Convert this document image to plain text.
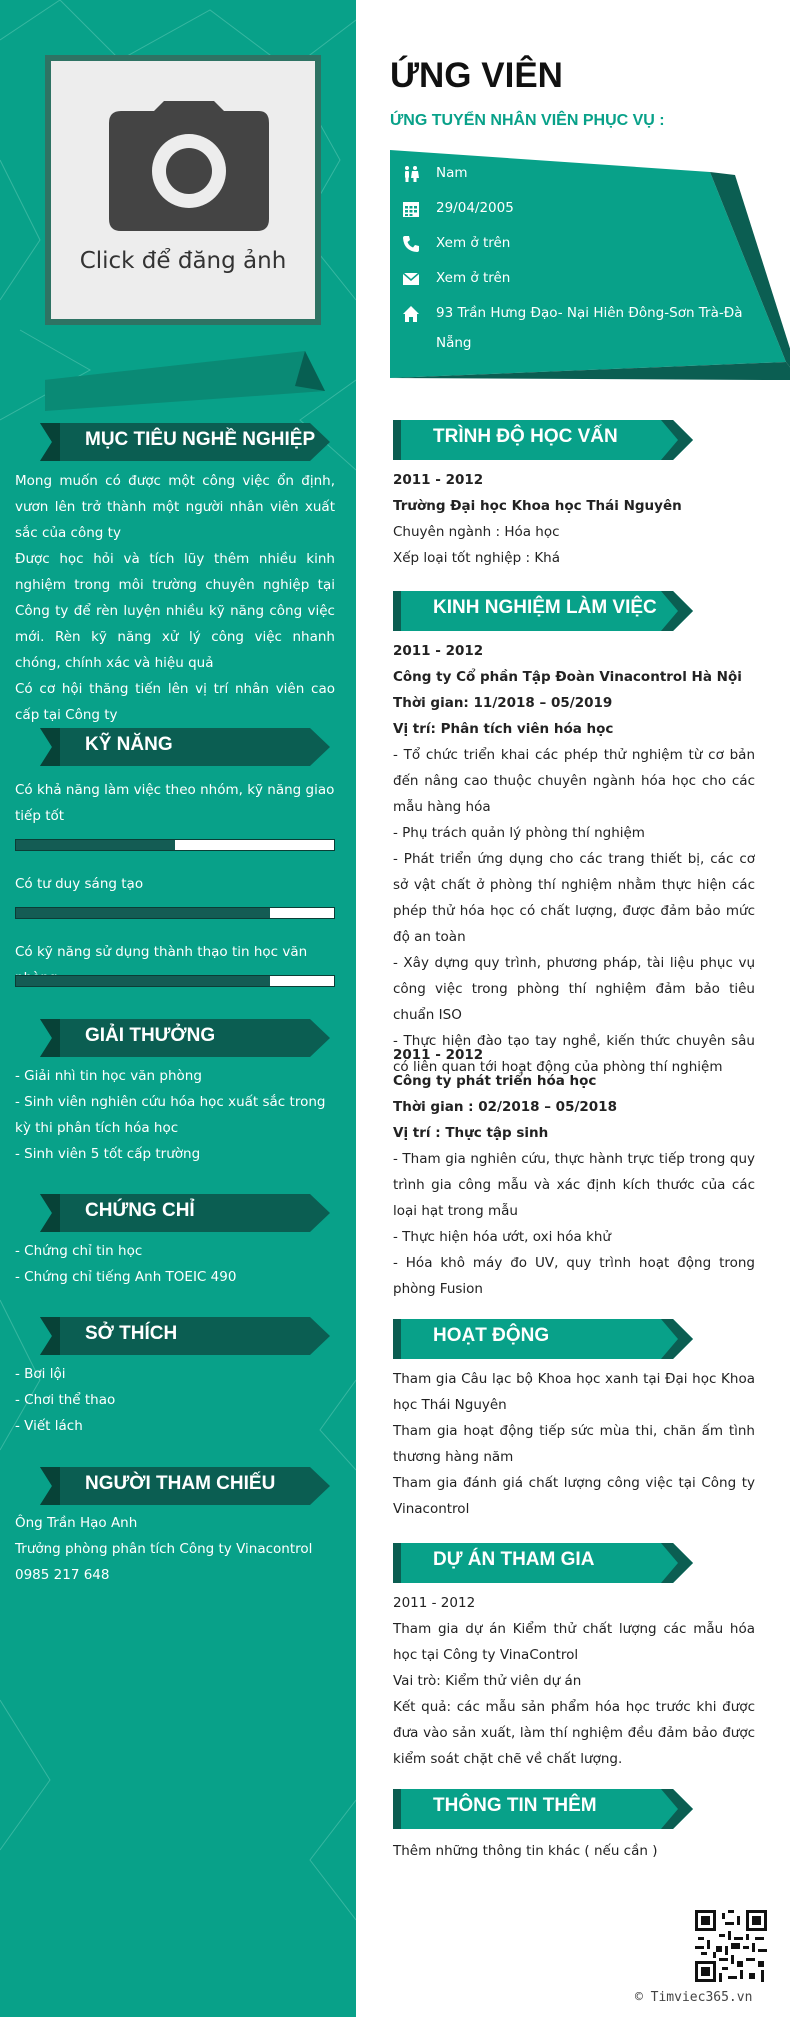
Click để đăng ảnh
MỤC TIÊU NGHỀ NGHIỆP
Mong muốn có được một công việc ổn định, vươn lên trở thành một người nhân viên xuất sắc của công ty
Được học hỏi và tích lũy thêm nhiều kinh nghiệm trong môi trường chuyên nghiệp tại Công ty để rèn luyện nhiều kỹ năng công việc mới. Rèn kỹ năng xử lý công việc nhanh chóng, chính xác và hiệu quả
Có cơ hội thăng tiến lên vị trí nhân viên cao cấp tại Công ty
KỸ NĂNG
Có khả năng làm việc theo nhóm, kỹ năng giao tiếp tốt
Có tư duy sáng tạo
Có kỹ năng sử dụng thành thạo tin học văn
GIẢI THƯỞNG
- Giải nhì tin học văn phòng
- Sinh viên nghiên cứu hóa học xuất sắc trong kỳ thi phân tích hóa học
- Sinh viên 5 tốt cấp trường
CHỨNG CHỈ
- Chứng chỉ tin học
- Chứng chỉ tiếng Anh TOEIC 490
SỞ THÍCH
- Bơi lội
- Chơi thể thao
- Viết lách
NGƯỜI THAM CHIẾU
Ông Trần Hạo Anh
Trưởng phòng phân tích Công ty Vinacontrol
0985 217 648
ỨNG VIÊN
ỨNG TUYỂN NHÂN VIÊN PHỤC VỤ :
Nam
29/04/2005
Xem ở trên
Xem ở trên
93 Trần Hưng Đạo- Nại Hiên Đông-Sơn Trà-Đà
Nẵng
TRÌNH ĐỘ HỌC VẤN
2011 - 2012
Trường Đại học Khoa học Thái Nguyên
Chuyên ngành : Hóa học
Xếp loại tốt nghiệp : Khá
KINH NGHIỆM LÀM VIỆC
2011 - 2012
Công ty Cổ phần Tập Đoàn Vinacontrol Hà Nội
Thời gian: 11/2018 – 05/2019
Vị trí: Phân tích viên hóa học
- Tổ chức triển khai các phép thử nghiệm từ cơ bản đến nâng cao thuộc chuyên ngành hóa học cho các mẫu hàng hóa
- Phụ trách quản lý phòng thí nghiệm
- Phát triển ứng dụng cho các trang thiết bị, các cơ sở vật chất ở phòng thí nghiệm nhằm thực hiện các phép thử hóa học có chất lượng, được đảm bảo mức độ an toàn
- Xây dựng quy trình, phương pháp, tài liệu phục vụ công việc trong phòng thí nghiệm đảm bảo tiêu chuẩn ISO
- Thực hiện đào tạo tay nghề, kiến thức chuyên sâu có liên quan tới hoạt động của phòng thí nghiệm
2011 - 2012
Công ty phát triển hóa học
Thời gian : 02/2018 – 05/2018
Vị trí : Thực tập sinh
- Tham gia nghiên cứu, thực hành trực tiếp trong quy trình gia công mẫu và xác định kích thước của các loại hạt trong mẫu
- Thực hiện hóa ướt, oxi hóa khử
- Hóa khô máy đo UV, quy trình hoạt động trong phòng Fusion
HOẠT ĐỘNG
Tham gia Câu lạc bộ Khoa học xanh tại Đại học Khoa học Thái Nguyên
Tham gia hoạt động tiếp sức mùa thi, chăn ấm tình thương hàng năm
Tham gia đánh giá chất lượng công việc tại Công ty Vinacontrol
DỰ ÁN THAM GIA
2011 - 2012
Tham gia dự án Kiểm thử chất lượng các mẫu hóa học tại Công ty VinaControl
Vai trò: Kiểm thử viên dự án
Kết quả: các mẫu sản phẩm hóa học trước khi được đưa vào sản xuất, làm thí nghiệm đều đảm bảo được kiểm soát chặt chẽ về chất lượng.
THÔNG TIN THÊM
Thêm những thông tin khác ( nếu cần )
© Timviec365.vn
